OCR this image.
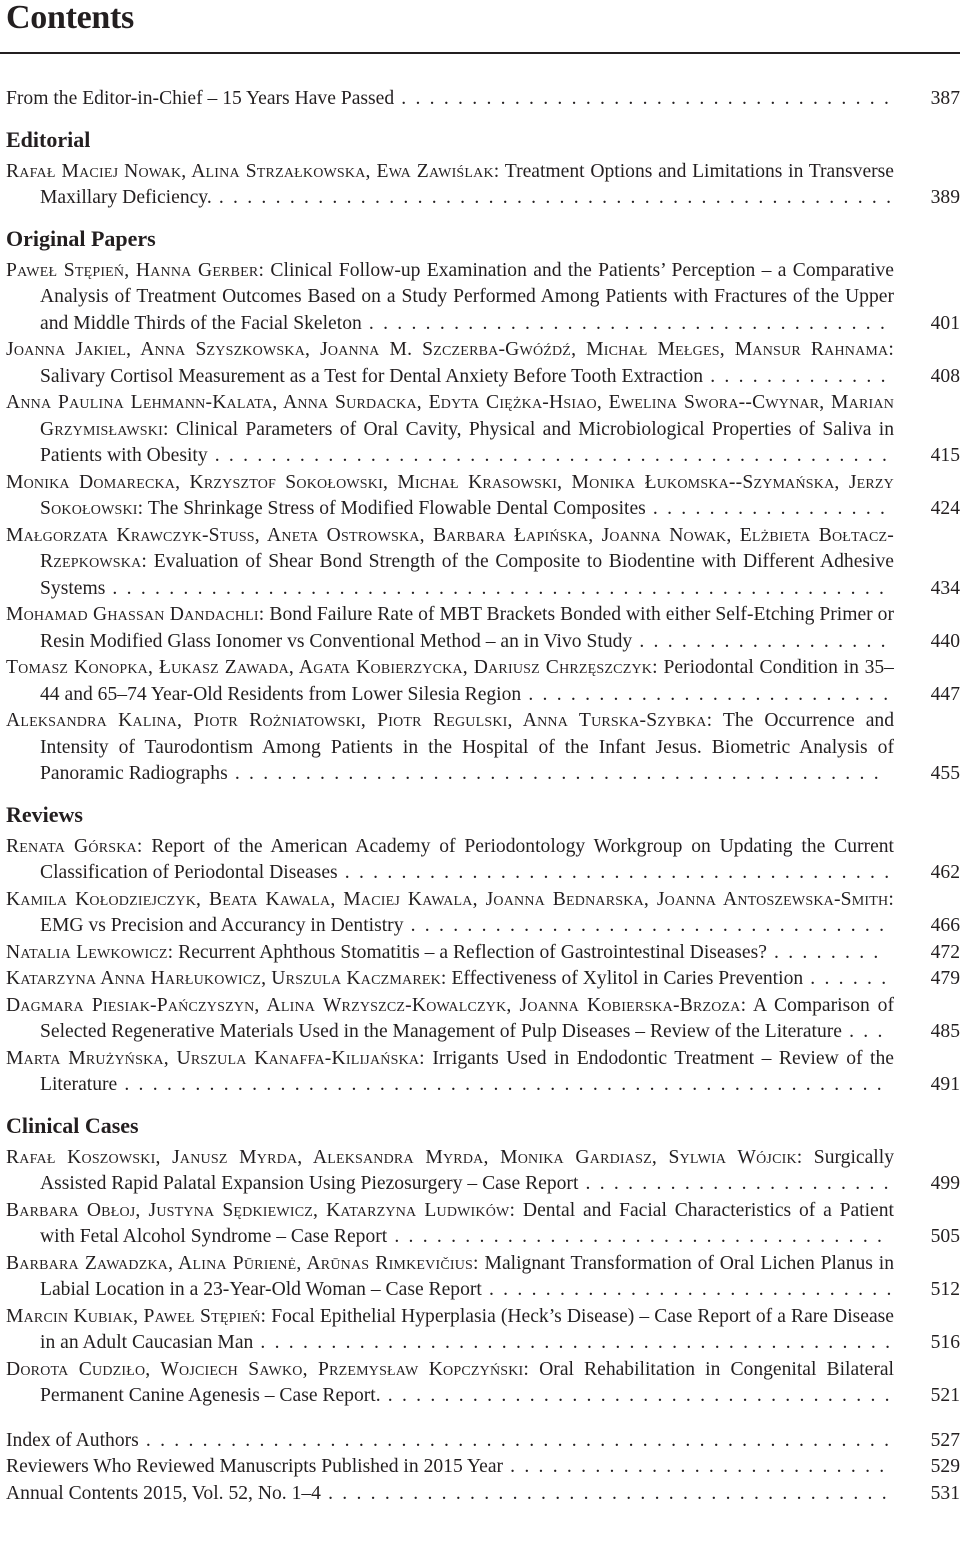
Contents
From the Editor-in-Chief – 15 Years Have Passed . . . . . . . . . . . . . . . . . . . . . . . . . . . . . . . . . . .	387
Editorial
Rafał Maciej Nowak, Alina Strzałkowska, Ewa Zawiślak: Treatment Options and Limitations in Transverse Maxillary Deficiency. . . . . . . . . . . . . . . . . . . . . . . . . . . . . . . . . . . . . . . . . . . . . . . . .	389
Original Papers
Paweł Stępień, Hanna Gerber: Clinical Follow-up Examination and the Patients’ Perception – a Comparative Analysis of Treatment Outcomes Based on a Study Performed Among Patients with Fractures of the Upper and Middle Thirds of the Facial Skeleton . . . . . . . . . . . . . . . . . . . . . . . . . . . . . . . . . . . . .	401
Joanna Jakiel, Anna Szyszkowska, Joanna M. Szczerba-Gwóźdź, Michał Mełges, Mansur Rahnama: Salivary Cortisol Measurement as a Test for Dental Anxiety Before Tooth Extraction . . . . . . . . . . . . .	408
Anna Paulina Lehmann-Kalata, Anna Surdacka, Edyta Ciężka-Hsiao, Ewelina Swora--Cwynar, Marian Grzymisławski: Clinical Parameters of Oral Cavity, Physical and Microbiological Properties of Saliva in Patients with Obesity . . . . . . . . . . . . . . . . . . . . . . . . . . . . . . . . . . . . . . . . . . . . . . . .	415
Monika Domarecka, Krzysztof Sokołowski, Michał Krasowski, Monika Łukomska--Szymańska, Jerzy Sokołowski: The Shrinkage Stress of Modified Flowable Dental Composites . . . . . . . . . . . . . . . . .	424
Małgorzata Krawczyk-Stuss, Aneta Ostrowska, Barbara Łapińska, Joanna Nowak, Elżbieta Bołtacz-Rzepkowska: Evaluation of Shear Bond Strength of the Composite to Biodentine with Different Adhesive Systems . . . . . . . . . . . . . . . . . . . . . . . . . . . . . . . . . . . . . . . . . . . . . . . . . . . . . . .	434
Mohamad Ghassan Dandachli: Bond Failure Rate of MBT Brackets Bonded with either Self-Etching Primer or Resin Modified Glass Ionomer vs Conventional Method – an in Vivo Study . . . . . . . . . . . . . . . . . .	440
Tomasz Konopka, Łukasz Zawada, Agata Kobierzycka, Dariusz Chrzęszczyk: Periodontal Condition in 35–44 and 65–74 Year-Old Residents from Lower Silesia Region . . . . . . . . . . . . . . . . . . . . . . . . . .	447
Aleksandra Kalina, Piotr Rożniatowski, Piotr Regulski, Anna Turska-Szybka: The Occurrence and Intensity of Taurodontism Among Patients in the Hospital of the Infant Jesus. Biometric Analysis of Panoramic Radiographs . . . . . . . . . . . . . . . . . . . . . . . . . . . . . . . . . . . . . . . . . . . . . .	455
Reviews
Renata Górska: Report of the American Academy of Periodontology Workgroup on Updating the Current Classification of Periodontal Diseases . . . . . . . . . . . . . . . . . . . . . . . . . . . . . . . . . . . . . . .	462
Kamila Kołodziejczyk, Beata Kawala, Maciej Kawala, Joanna Bednarska, Joanna Antoszewska-Smith: EMG vs Precision and Accurancy in Dentistry . . . . . . . . . . . . . . . . . . . . . . . . . . . . . . . . . .	466
Natalia Lewkowicz: Recurrent Aphthous Stomatitis – a Reflection of Gastrointestinal Diseases? . . . . . . . .	472
Katarzyna Anna Harłukowicz, Urszula Kaczmarek: Effectiveness of Xylitol in Caries Prevention . . . . . .	479
Dagmara Piesiak-Pańczyszyn, Alina Wrzyszcz-Kowalczyk, Joanna Kobierska-Brzoza: A Comparison of Selected Regenerative Materials Used in the Management of Pulp Diseases – Review of the Literature . . .	485
Marta Mrużyńska, Urszula Kanaffa-Kilijańska: Irrigants Used in Endodontic Treatment – Review of the Literature . . . . . . . . . . . . . . . . . . . . . . . . . . . . . . . . . . . . . . . . . . . . . . . . . . . . . .	491
Clinical Cases
Rafał Koszowski, Janusz Myrda, Aleksandra Myrda, Monika Gardiasz, Sylwia Wójcik: Surgically Assisted Rapid Palatal Expansion Using Piezosurgery – Case Report . . . . . . . . . . . . . . . . . . . . . .	499
Barbara Obłoj, Justyna Sędkiewicz, Katarzyna Ludwików: Dental and Facial Characteristics of a Patient with Fetal Alcohol Syndrome – Case Report . . . . . . . . . . . . . . . . . . . . . . . . . . . . . . . . . . .	505
Barbara Zawadzka, Alina Pūrienė, Arūnas Rimkevičius: Malignant Transformation of Oral Lichen Planus in Labial Location in a 23-Year-Old Woman – Case Report . . . . . . . . . . . . . . . . . . . . . . . . . . . . .	512
Marcin Kubiak, Paweł Stępień: Focal Epithelial Hyperplasia (Heck’s Disease) – Case Report of a Rare Disease in an Adult Caucasian Man . . . . . . . . . . . . . . . . . . . . . . . . . . . . . . . . . . . . . . . . . . . . .	516
Dorota Cudziło, Wojciech Sawko, Przemysław Kopczyński: Oral Rehabilitation in Congenital Bilateral Permanent Canine Agenesis – Case Report. . . . . . . . . . . . . . . . . . . . . . . . . . . . . . . . . . . . .	521
Index of Authors . . . . . . . . . . . . . . . . . . . . . . . . . . . . . . . . . . . . . . . . . . . . . . . . . . . . .	527
Reviewers Who Reviewed Manuscripts Published in 2015 Year . . . . . . . . . . . . . . . . . . . . . . . . . . .	529
Annual Contents 2015, Vol. 52, No. 1–4 . . . . . . . . . . . . . . . . . . . . . . . . . . . . . . . . . . . . . . . .	531
